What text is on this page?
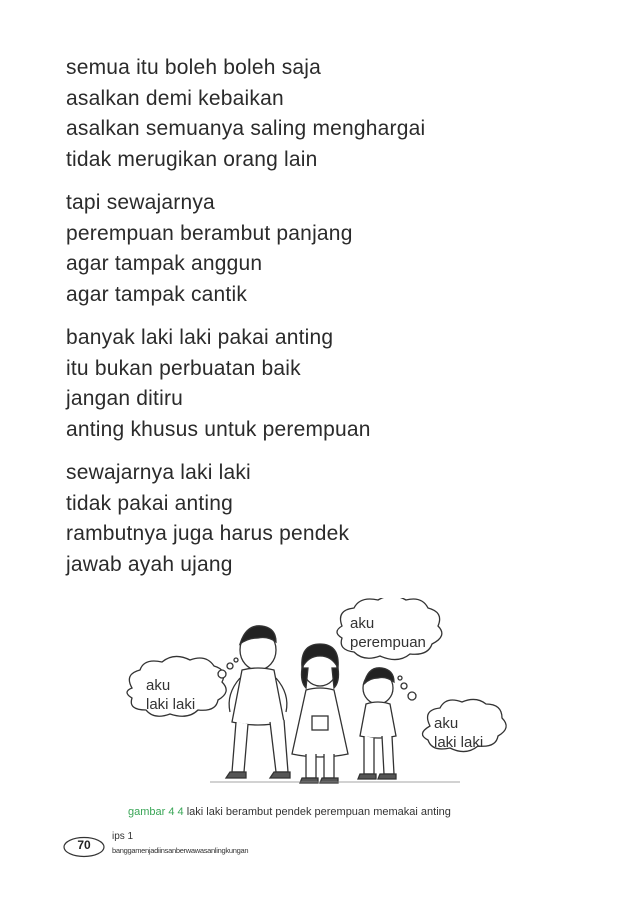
semua itu boleh boleh saja
asalkan demi kebaikan
asalkan semuanya saling menghargai
tidak merugikan orang lain
tapi sewajarnya
perempuan berambut panjang
agar tampak anggun
agar tampak cantik
banyak laki laki pakai anting
itu bukan perbuatan baik
jangan ditiru
anting khusus untuk perempuan
sewajarnya laki laki
tidak pakai anting
rambutnya juga harus pendek
jawab ayah ujang
aku
laki laki
aku
perempuan
aku
laki laki
gambar 4 4 laki laki berambut pendek perempuan memakai anting
70
ips 1
banggamenjadiinsanberwawasanlingkungan
